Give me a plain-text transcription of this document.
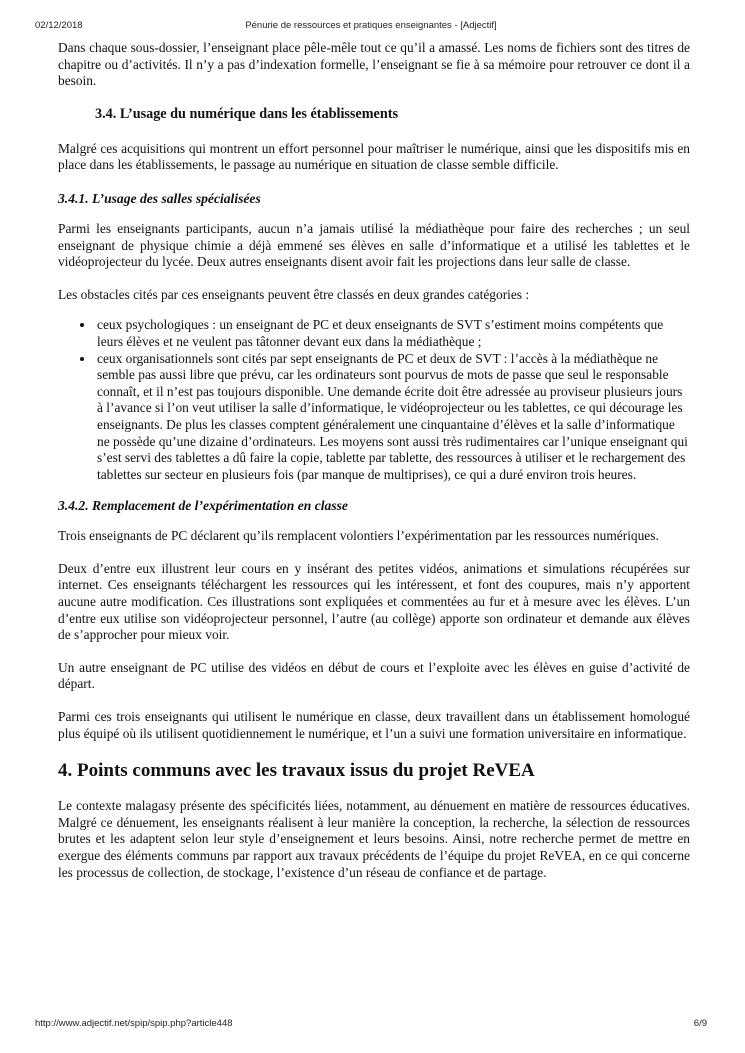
02/12/2018	Pénurie de ressources et pratiques enseignantes - [Adjectif]

Dans chaque sous-dossier, l’enseignant place pêle-mêle tout ce qu’il a amassé. Les noms de fichiers sont des titres de chapitre ou d’activités. Il n’y a pas d’indexation formelle, l’enseignant se fie à sa mémoire pour retrouver ce dont il a besoin.

3.4. L’usage du numérique dans les établissements

Malgré ces acquisitions qui montrent un effort personnel pour maîtriser le numérique, ainsi que les dispositifs mis en place dans les établissements, le passage au numérique en situation de classe semble difficile.

3.4.1. L’usage des salles spécialisées

Parmi les enseignants participants, aucun n’a jamais utilisé la médiathèque pour faire des recherches ; un seul enseignant de physique chimie a déjà emmené ses élèves en salle d’informatique et a utilisé les tablettes et le vidéoprojecteur du lycée. Deux autres enseignants disent avoir fait les projections dans leur salle de classe.

Les obstacles cités par ces enseignants peuvent être classés en deux grandes catégories :

• ceux psychologiques : un enseignant de PC et deux enseignants de SVT s’estiment moins compétents que leurs élèves et ne veulent pas tâtonner devant eux dans la médiathèque ;
• ceux organisationnels sont cités par sept enseignants de PC et deux de SVT : l’accès à la médiathèque ne semble pas aussi libre que prévu, car les ordinateurs sont pourvus de mots de passe que seul le responsable connaît, et il n’est pas toujours disponible. Une demande écrite doit être adressée au proviseur plusieurs jours à l’avance si l’on veut utiliser la salle d’informatique, le vidéoprojecteur ou les tablettes, ce qui décourage les enseignants. De plus les classes comptent généralement une cinquantaine d’élèves et la salle d’informatique ne possède qu’une dizaine d’ordinateurs. Les moyens sont aussi très rudimentaires car l’unique enseignant qui s’est servi des tablettes a dû faire la copie, tablette par tablette, des ressources à utiliser et le rechargement des tablettes sur secteur en plusieurs fois (par manque de multiprises), ce qui a duré environ trois heures.
3.4.2. Remplacement de l’expérimentation en classe

Trois enseignants de PC déclarent qu’ils remplacent volontiers l’expérimentation par les ressources numériques.

Deux d’entre eux illustrent leur cours en y insérant des petites vidéos, animations et simulations récupérées sur internet. Ces enseignants téléchargent les ressources qui les intéressent, et font des coupures, mais n’y apportent aucune autre modification. Ces illustrations sont expliquées et commentées au fur et à mesure avec les élèves. L’un d’entre eux utilise son vidéoprojecteur personnel, l’autre (au collège) apporte son ordinateur et demande aux élèves de s’approcher pour mieux voir.

Un autre enseignant de PC utilise des vidéos en début de cours et l’exploite avec les élèves en guise d’activité de départ.

Parmi ces trois enseignants qui utilisent le numérique en classe, deux travaillent dans un établissement homologué plus équipé où ils utilisent quotidiennement le numérique, et l’un a suivi une formation universitaire en informatique.

4. Points communs avec les travaux issus du projet ReVEA

Le contexte malagasy présente des spécificités liées, notamment, au dénuement en matière de ressources éducatives. Malgré ce dénuement, les enseignants réalisent à leur manière la conception, la recherche, la sélection de ressources brutes et les adaptent selon leur style d’enseignement et leurs besoins. Ainsi, notre recherche permet de mettre en exergue des éléments communs par rapport aux travaux précédents de l’équipe du projet ReVEA, en ce qui concerne les processus de collection, de stockage, l’existence d’un réseau de confiance et de partage.

http://www.adjectif.net/spip/spip.php?article448	6/9
